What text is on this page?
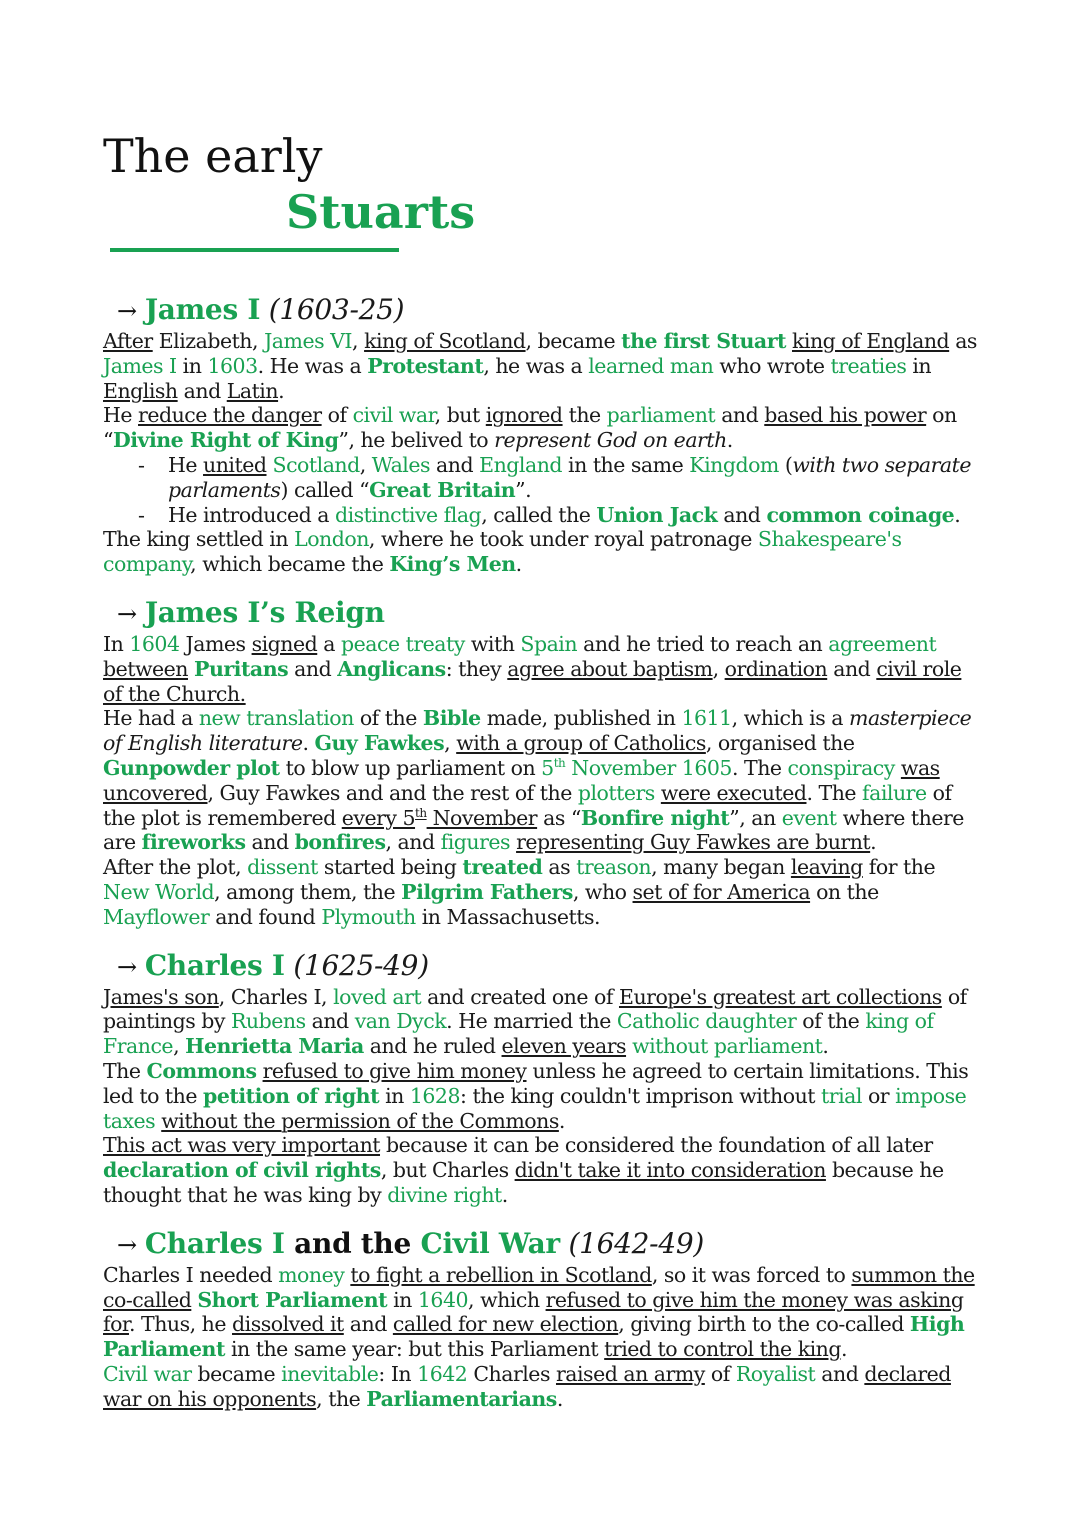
The early
Stuarts
→ James I (1603-25)
After Elizabeth, James VI, king of Scotland, became the first Stuart king of England as James I in 1603. He was a Protestant, he was a learned man who wrote treaties in English and Latin.
He reduce the danger of civil war, but ignored the parliament and based his power on “Divine Right of King”, he belived to represent God on earth.
- He united Scotland, Wales and England in the same Kingdom (with two separate parlaments) called “Great Britain”.
- He introduced a distinctive flag, called the Union Jack and common coinage.
The king settled in London, where he took under royal patronage Shakespeare's company, which became the King’s Men.
→ James I’s Reign
In 1604 James signed a peace treaty with Spain and he tried to reach an agreement between Puritans and Anglicans: they agree about baptism, ordination and civil role of the Church.
He had a new translation of the Bible made, published in 1611, which is a masterpiece of English literature. Guy Fawkes, with a group of Catholics, organised the Gunpowder plot to blow up parliament on 5th November 1605. The conspiracy was uncovered, Guy Fawkes and and the rest of the plotters were executed. The failure of the plot is remembered every 5th November as “Bonfire night”, an event where there are fireworks and bonfires, and figures representing Guy Fawkes are burnt.
After the plot, dissent started being treated as treason, many began leaving for the New World, among them, the Pilgrim Fathers, who set of for America on the Mayflower and found Plymouth in Massachusetts.
→ Charles I (1625-49)
James's son, Charles I, loved art and created one of Europe's greatest art collections of paintings by Rubens and van Dyck. He married the Catholic daughter of the king of France, Henrietta Maria and he ruled eleven years without parliament.
The Commons refused to give him money unless he agreed to certain limitations. This led to the petition of right in 1628: the king couldn't imprison without trial or impose taxes without the permission of the Commons.
This act was very important because it can be considered the foundation of all later declaration of civil rights, but Charles didn't take it into consideration because he thought that he was king by divine right.
→ Charles I and the Civil War (1642-49)
Charles I needed money to fight a rebellion in Scotland, so it was forced to summon the co-called Short Parliament in 1640, which refused to give him the money was asking for. Thus, he dissolved it and called for new election, giving birth to the co-called High Parliament in the same year: but this Parliament tried to control the king.
Civil war became inevitable: In 1642 Charles raised an army of Royalist and declared war on his opponents, the Parliamentarians.
